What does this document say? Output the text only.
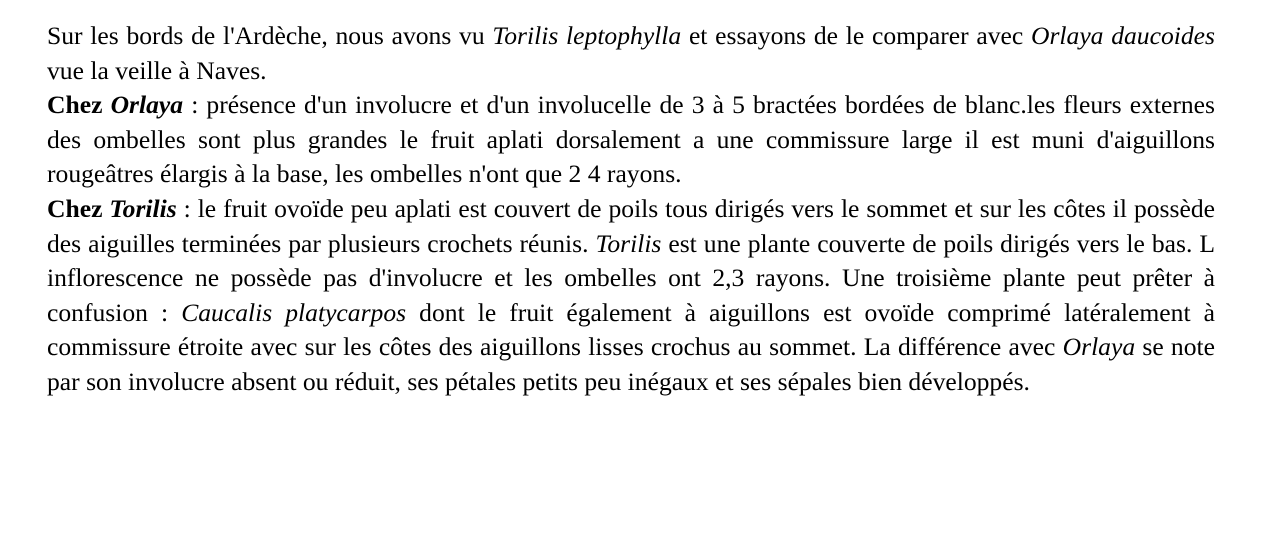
Sur les bords de l'Ardèche, nous avons vu Torilis leptophylla et essayons de le comparer avec Orlaya daucoides vue la veille à Naves.

Chez Orlaya : présence d'un involucre et d'un involucelle de 3 à 5 bractées bordées de blanc.les fleurs externes des ombelles sont plus grandes le fruit aplati dorsalement a une commissure large il est muni d'aiguillons rougeâtres élargis à la base, les ombelles n'ont que 2 4 rayons.

Chez Torilis : le fruit ovoïde peu aplati est couvert de poils tous dirigés vers le sommet et sur les côtes il possède des aiguilles terminées par plusieurs crochets réunis. Torilis est une plante couverte de poils dirigés vers le bas. L inflorescence ne possède pas d'involucre et les ombelles ont 2,3 rayons. Une troisième plante peut prêter à confusion : Caucalis platycarpos dont le fruit également à aiguillons est ovoïde comprimé latéralement à commissure étroite avec sur les côtes des aiguillons lisses crochus au sommet. La différence avec Orlaya se note par son involucre absent ou réduit, ses pétales petits peu inégaux et ses sépales bien développés.
